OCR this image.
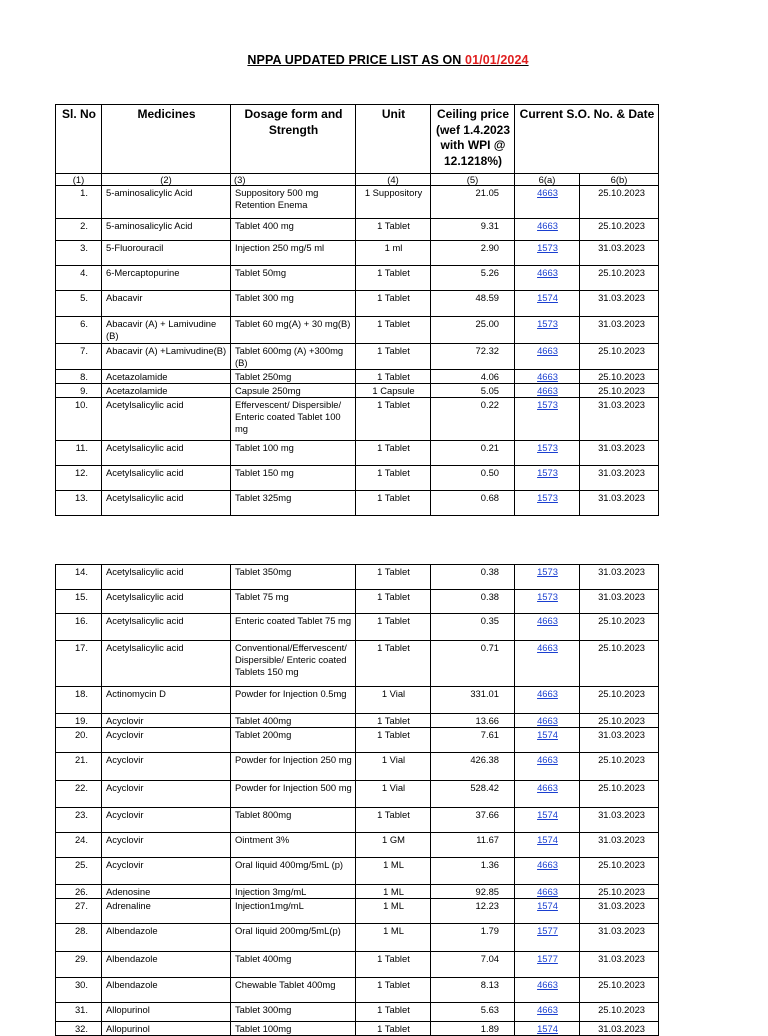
NPPA UPDATED PRICE LIST AS ON 01/01/2024
Sl. No	Medicines	Dosage form and Strength	Unit	Ceiling price (wef 1.4.2023 with WPI @ 12.1218%)	Current S.O. No. & Date	
(1)	(2)	(3)	(4)	(5)	6(a)	6(b)
1.	5-aminosalicylic Acid	Suppository 500 mg Retention Enema	1 Suppository	21.05	4663	25.10.2023
2.	5-aminosalicylic Acid	Tablet 400 mg	1 Tablet	9.31	4663	25.10.2023
3.	5-Fluorouracil	Injection 250 mg/5 ml	1 ml	2.90	1573	31.03.2023
4.	6-Mercaptopurine	Tablet 50mg	1 Tablet	5.26	4663	25.10.2023
5.	Abacavir	Tablet 300 mg	1 Tablet	48.59	1574	31.03.2023
6.	Abacavir (A) + Lamivudine (B)	Tablet 60 mg(A) + 30 mg(B)	1 Tablet	25.00	1573	31.03.2023
7.	Abacavir (A) +Lamivudine(B)	Tablet 600mg (A) +300mg (B)	1 Tablet	72.32	4663	25.10.2023
8.	Acetazolamide	Tablet 250mg	1 Tablet	4.06	4663	25.10.2023
9.	Acetazolamide	Capsule 250mg	1 Capsule	5.05	4663	25.10.2023
10.	Acetylsalicylic acid	Effervescent/ Dispersible/ Enteric coated Tablet 100 mg	1 Tablet	0.22	1573	31.03.2023
11.	Acetylsalicylic acid	Tablet 100 mg	1 Tablet	0.21	1573	31.03.2023
12.	Acetylsalicylic acid	Tablet 150 mg	1 Tablet	0.50	1573	31.03.2023
13.	Acetylsalicylic acid	Tablet 325mg	1 Tablet	0.68	1573	31.03.2023
14.	Acetylsalicylic acid	Tablet 350mg	1 Tablet	0.38	1573	31.03.2023
15.	Acetylsalicylic acid	Tablet 75 mg	1 Tablet	0.38	1573	31.03.2023
16.	Acetylsalicylic acid	Enteric coated Tablet 75 mg	1 Tablet	0.35	4663	25.10.2023
17.	Acetylsalicylic acid	Conventional/Effervescent/ Dispersible/ Enteric coated Tablets 150 mg	1 Tablet	0.71	4663	25.10.2023
18.	Actinomycin D	Powder for Injection 0.5mg	1 Vial	331.01	4663	25.10.2023
19.	Acyclovir	Tablet 400mg	1 Tablet	13.66	4663	25.10.2023
20.	Acyclovir	Tablet 200mg	1 Tablet	7.61	1574	31.03.2023
21.	Acyclovir	Powder for Injection 250 mg	1 Vial	426.38	4663	25.10.2023
22.	Acyclovir	Powder for Injection 500 mg	1 Vial	528.42	4663	25.10.2023
23.	Acyclovir	Tablet 800mg	1 Tablet	37.66	1574	31.03.2023
24.	Acyclovir	Ointment 3%	1 GM	11.67	1574	31.03.2023
25.	Acyclovir	Oral liquid 400mg/5mL (p)	1 ML	1.36	4663	25.10.2023
26.	Adenosine	Injection 3mg/mL	1 ML	92.85	4663	25.10.2023
27.	Adrenaline	Injection1mg/mL	1 ML	12.23	1574	31.03.2023
28.	Albendazole	Oral liquid 200mg/5mL(p)	1 ML	1.79	1577	31.03.2023
29.	Albendazole	Tablet 400mg	1 Tablet	7.04	1577	31.03.2023
30.	Albendazole	Chewable Tablet 400mg	1 Tablet	8.13	4663	25.10.2023
31.	Allopurinol	Tablet 300mg	1 Tablet	5.63	4663	25.10.2023
32.	Allopurinol	Tablet 100mg	1 Tablet	1.89	1574	31.03.2023
